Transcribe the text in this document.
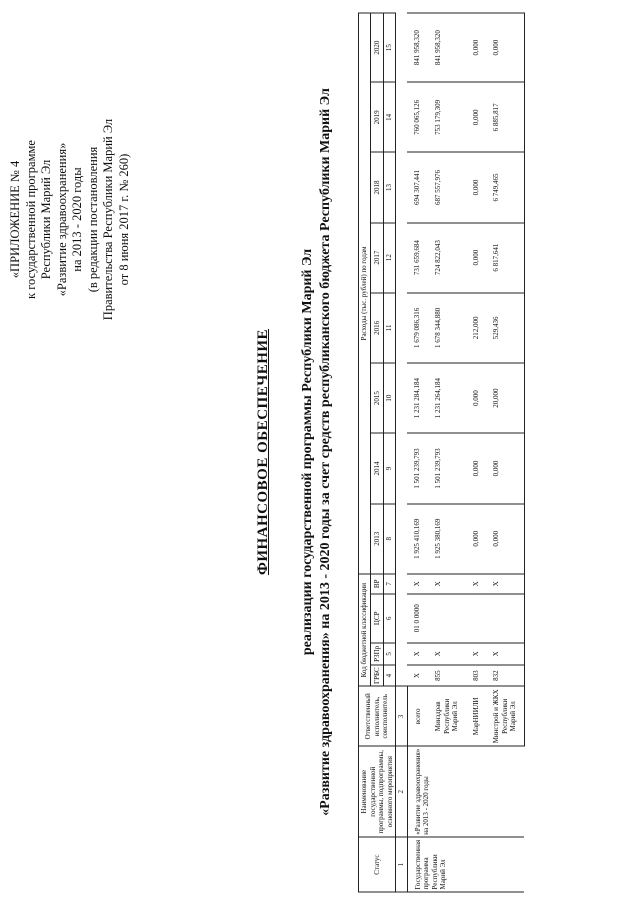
«ПРИЛОЖЕНИЕ № 4 к государственной программе Республики Марий Эл «Развитие здравоохранения» на 2013 - 2020 годы (в редакции постановления Правительства Республики Марий Эл от 8 июня 2017 г. № 260)
ФИНАНСОВОЕ ОБЕСПЕЧЕНИЕ реализации государственной программы Республики Марий Эл «Развитие здравоохранения» на 2013 - 2020 годы за счет средств республиканского бюджета Республики Марий Эл
Статус	Наименование государственной программы, подпрограммы, основного мероприятия	Ответственный исполнитель, соисполнитель	Код бюджетной классификации				Расходы (тыс. рублей) по годам							
			ГРБС	РЗПр	ЦСР	ВР	2013	2014	2015	2016	2017	2018	2019	2020
			4	5	6	7	8	9	10	11	12	13	14	15
1	2	3												
Государственная программа Республики Марий Эл	«Развитие здравоохранения» на 2013 - 2020 годы	всего	Х	Х	01 0 0000	Х	1 925 410,169	1 501 239,793	1 231 284,184	1 679 086,316	731 659,684	694 307,441	760 065,126	841 958,320
		Минздрав Республики Марий Эл	855	Х		Х	1 925 380,169	1 501 239,793	1 231 264,184	1 678 344,880	724 822,043	687 557,976	753 179,309	841 958,320
		МарНИИЛИ	803	Х		Х	0,000	0,000	0,000	212,000	0,000	0,000	0,000	0,000
		Минстрой и ЖКХ Республики Марий Эл	832	Х		Х	0,000	0,000	20,000	529,436	6 817,641	6 749,465	6 885,817	0,000
